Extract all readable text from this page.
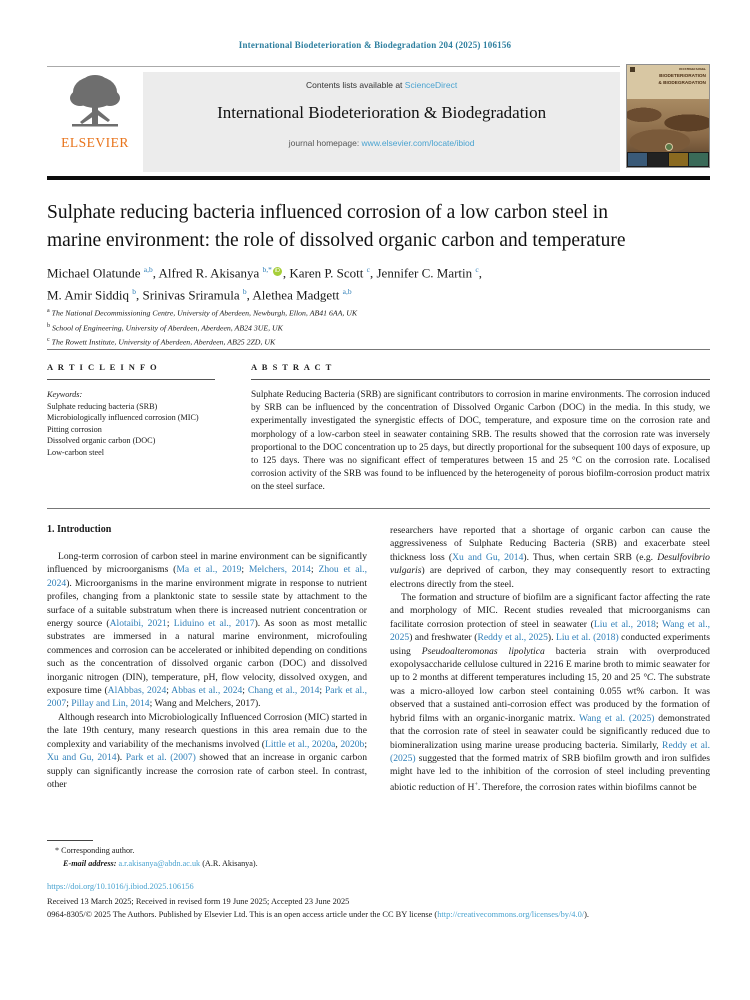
International Biodeterioration & Biodegradation 204 (2025) 106156
ELSEVIER
Contents lists available at ScienceDirect
International Biodeterioration & Biodegradation
journal homepage: www.elsevier.com/locate/ibiod
INTERNATIONAL
BIODETERIORATION
& BIODEGRADATION
Sulphate reducing bacteria influenced corrosion of a low carbon steel in
marine environment: the role of dissolved organic carbon and temperature
Michael Olatunde $^{a,b}$, Alfred R. Akisanya $^{b,*}$ iD , Karen P. Scott $^c$, Jennifer C. Martin $^c$,
M. Amir Siddiq $^b$, Srinivas Sriramula $^b$, Alethea Madgett $^{a,b}$
$^a$ The National Decommissioning Centre, University of Aberdeen, Newburgh, Ellon, AB41 6AA, UK
$^b$ School of Engineering, University of Aberdeen, Aberdeen, AB24 3UE, UK
$^c$ The Rowett Institute, University of Aberdeen, Aberdeen, AB25 2ZD, UK
A R T I C L E I N F O
Keywords:
Sulphate reducing bacteria (SRB)
Microbiologically influenced corrosion (MIC)
Pitting corrosion
Dissolved organic carbon (DOC)
Low-carbon steel
A B S T R A C T
Sulphate Reducing Bacteria (SRB) are significant contributors to corrosion in marine environments. The corrosion induced by SRB can be influenced by the concentration of Dissolved Organic Carbon (DOC) in the media. In this study, we experimentally investigated the synergistic effects of DOC, temperature, and exposure time on the corrosion rate and morphology of a low-carbon steel in seawater containing SRB. The results showed that the corrosion rate was inversely proportional to the DOC concentration up to 25 days, but directly proportional for the subsequent 100 days of exposure, up to 125 days. There was no significant effect of temperatures between 15 and 25 °C on the corrosion rate. Localised corrosion activity of the SRB was found to be influenced by the heterogeneity of porous biofilm-corrosion product matrix on the steel surface.
1. Introduction
Long-term corrosion of carbon steel in marine environment can be significantly influenced by microorganisms (Ma et al., 2019; Melchers, 2014; Zhou et al., 2024). Microorganisms in the marine environment migrate in response to nutrient profiles, changing from a planktonic state to sessile state by attachment to the surface of a suitable substratum when there is increased nutrient concentration or energy source (Alotaibi, 2021; Liduino et al., 2017). As soon as most metallic substrates are immersed in a natural marine environment, microfouling commences and corrosion can be accelerated or inhibited depending on conditions such as the concentration of dissolved organic carbon (DOC) and dissolved inorganic nitrogen (DIN), temperature, pH, flow velocity, dissolved oxygen, and exposure time (AlAbbas, 2024; Abbas et al., 2024; Chang et al., 2014; Park et al., 2007; Pillay and Lin, 2014; Wang and Melchers, 2017).
Although research into Microbiologically Influenced Corrosion (MIC) started in the late 19th century, many research questions in this area remain due to the complexity and variability of the mechanisms involved (Little et al., 2020a, 2020b; Xu and Gu, 2014). Park et al. (2007) showed that an increase in organic carbon supply can significantly increase the corrosion rate of carbon steel. In contrast, other
researchers have reported that a shortage of organic carbon can cause the aggressiveness of Sulphate Reducing Bacteria (SRB) and exacerbate steel thickness loss (Xu and Gu, 2014). Thus, when certain SRB (e.g. Desulfovibrio vulgaris) are deprived of carbon, they may consequently resort to extracting electrons directly from the steel.
The formation and structure of biofilm are a significant factor affecting the rate and morphology of MIC. Recent studies revealed that microorganisms can facilitate corrosion protection of steel in seawater (Liu et al., 2018; Wang et al., 2025) and freshwater (Reddy et al., 2025). Liu et al. (2018) conducted experiments using Pseudoalteromonas lipolytica bacteria strain with overproduced exopolysaccharide cellulose cultured in 2216 E marine broth to mimic seawater for up to 2 months at different temperatures including 15, 20 and 25 °C. The substrate was a micro-alloyed low carbon steel containing 0.055 wt% carbon. It was observed that a sustained anti-corrosion effect was produced by the formation of hybrid films with an organic-inorganic matrix. Wang et al. (2025) demonstrated that the corrosion rate of steel in seawater could be significantly reduced due to biomineralization using marine urease producing bacteria. Similarly, Reddy et al. (2025) suggested that the formed matrix of SRB biofilm growth and iron sulfides might have led to the inhibition of the corrosion of steel including preventing abiotic reduction of H+. Therefore, the corrosion rates within biofilms cannot be
* Corresponding author.
E-mail address: a.r.akisanya@abdn.ac.uk (A.R. Akisanya).
https://doi.org/10.1016/j.ibiod.2025.106156
Received 13 March 2025; Received in revised form 19 June 2025; Accepted 23 June 2025
0964-8305/© 2025 The Authors. Published by Elsevier Ltd. This is an open access article under the CC BY license (http://creativecommons.org/licenses/by/4.0/).
